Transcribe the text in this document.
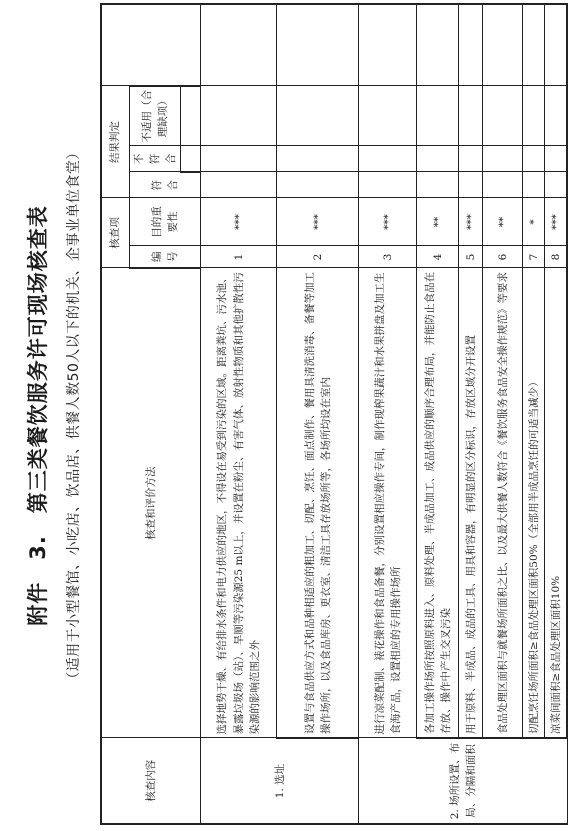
附件　3.　第三类餐饮服务许可现场核查表 （适用于小型餐馆、小吃店、饮品店、供餐人数50人以下的机关、企事业单位食堂）
核查内容	核查和评价方法	核查项		结果判定			
		编号	目的重要性	符合	不符合	不适用（合理缺项）	

1. 选址	选择地势干燥、有给排水条件和电力供应的地区，不得设在易受到污染的区域。距离粪坑、污水池、暴露垃圾场（站）、旱厕等污染源25 m以上，并设置在粉尘、有害气体、放射性物质和其他扩散性污染源的影响范围之外	1	***				
	设置与食品供应方式和品种相适应的粗加工、切配、烹饪、面点制作、餐用具清洗消毒、备餐等加工操作场所，以及食品库房、更衣室、清洁工具存放场所等，各场所均设在室内	2	***				
2. 场所设置、布局、分隔和面积	进行凉菜配制、裱花操作和食品备餐，分别设置相应操作专间，制作现榨果蔬汁和水果拼盘及加工生食海产品，设置相应的专用操作场所	3	***				
	各加工操作场所按照原料进入、原料处理、半成品加工、成品供应的顺序合理布局，并能防止食品在存放、操作中产生交叉污染	4	**				
	用于原料、半成品、成品的工具、用具和容器，有明显的区分标识，存放区域分开设置	5	***				
	食品处理区面积与就餐场所面积之比、以及最大供餐人数符合《餐饮服务食品安全操作规范》等要求	6	**				
	切配烹饪场所面积≥食品处理区面积50%（全部用半成品烹饪的可适当减少）	7	*				
	凉菜间面积≥食品处理区面积10%	8	***				
